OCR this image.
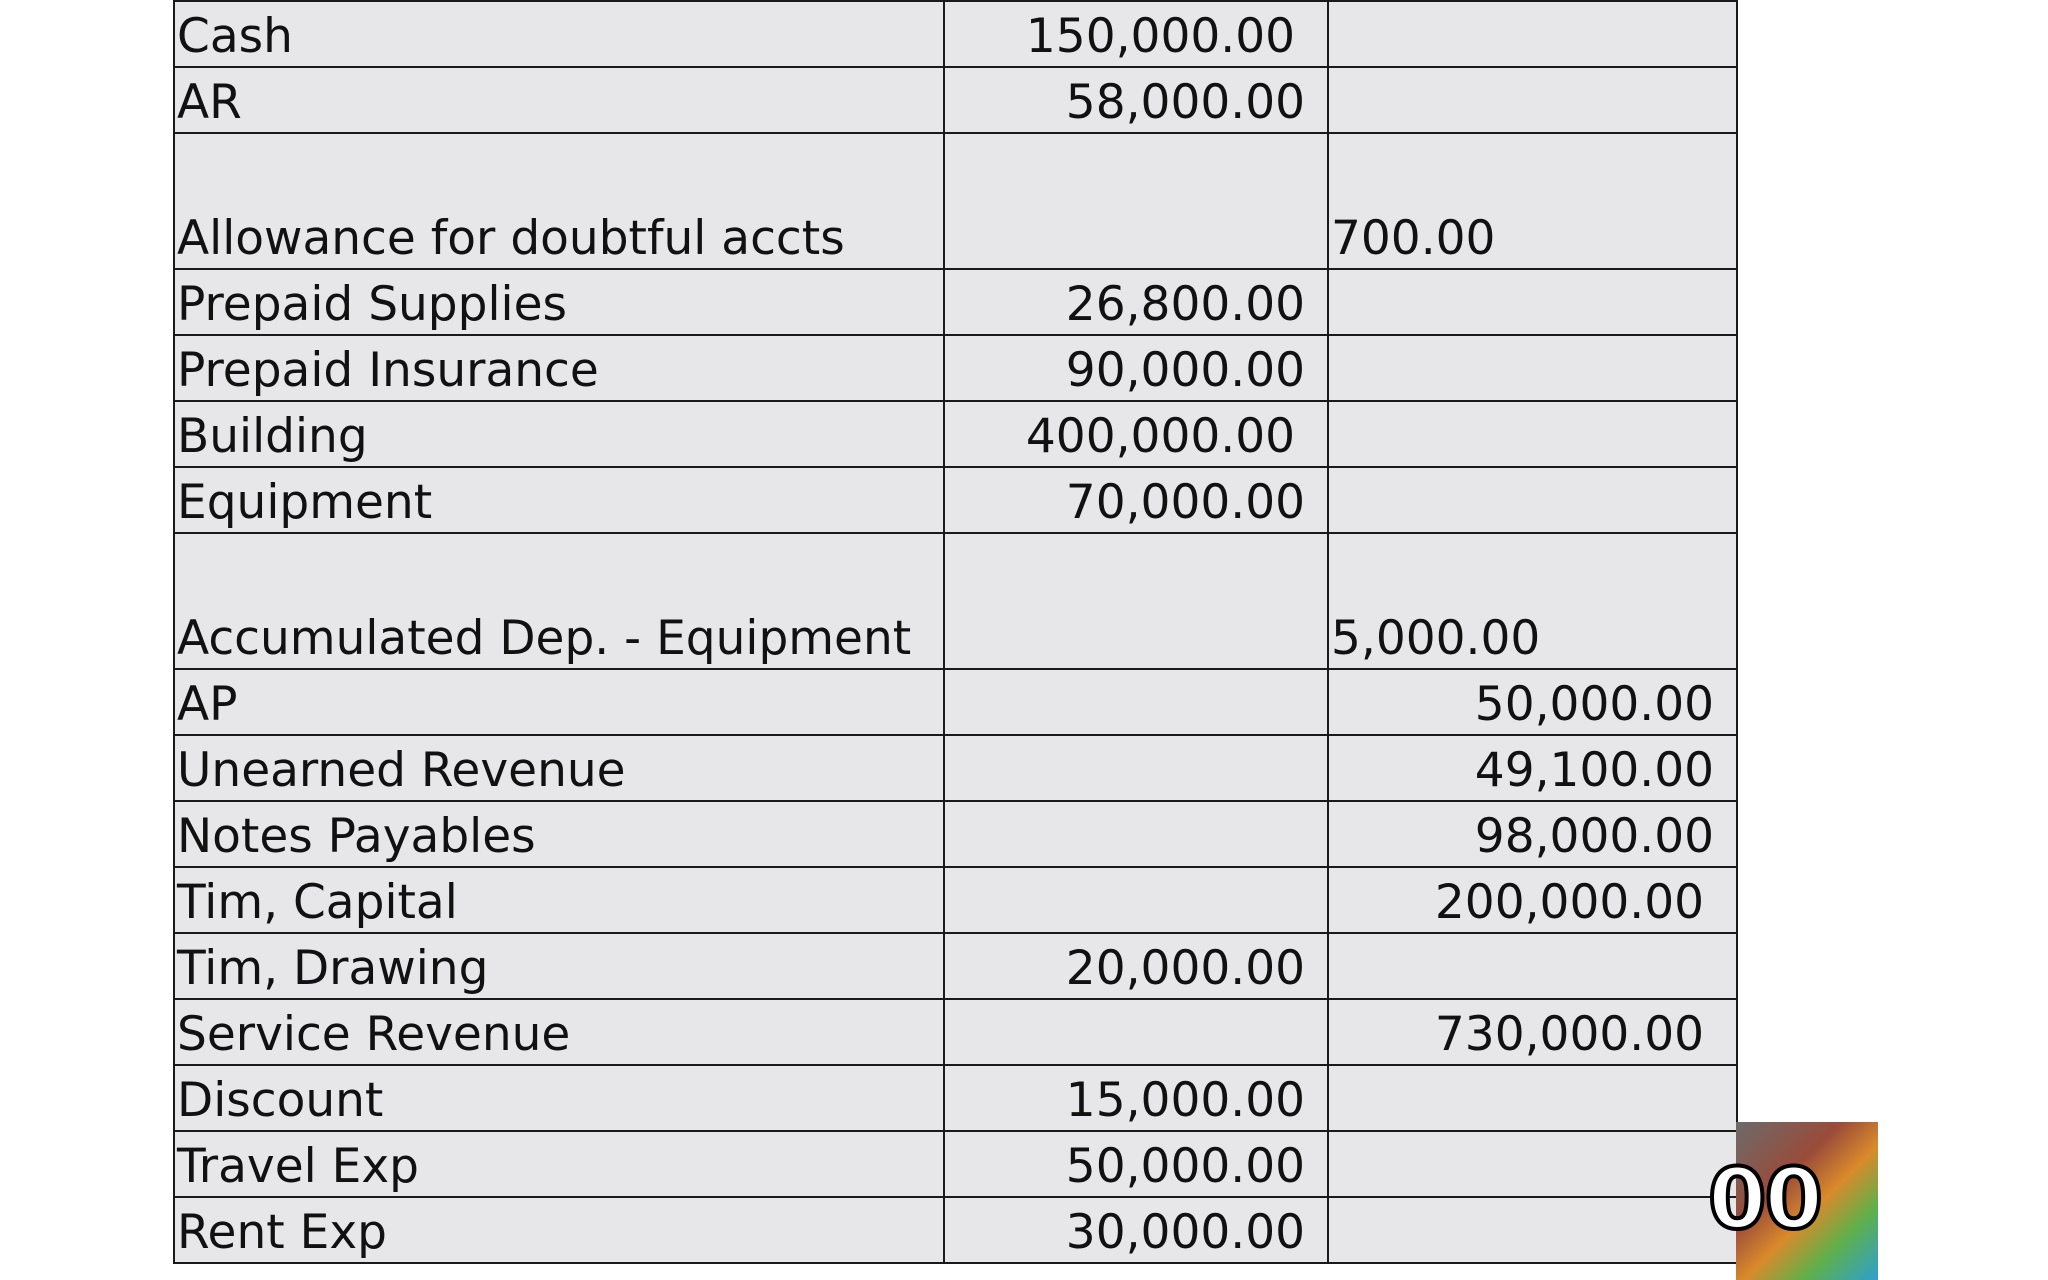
Cash	150,000.00	
AR	58,000.00	
Allowance for doubtful accts		700.00
Prepaid Supplies	26,800.00	
Prepaid Insurance	90,000.00	
Building	400,000.00	
Equipment	70,000.00	
Accumulated Dep. - Equipment		5,000.00
AP		50,000.00
Unearned Revenue		49,100.00
Notes Payables		98,000.00
Tim, Capital		200,000.00
Tim, Drawing	20,000.00	
Service Revenue		730,000.00
Discount	15,000.00	
Travel Exp	50,000.00	
Rent Exp	30,000.00		00
